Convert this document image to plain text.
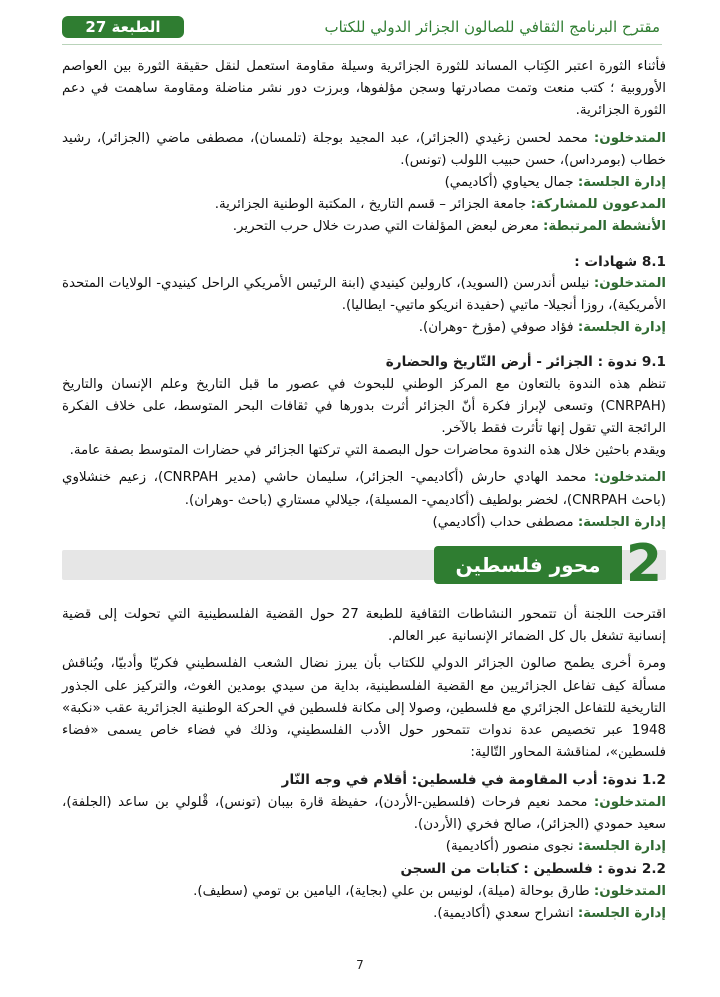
الطبعة 27	مقترح البرنامج الثقافي للصالون الجزائر الدولي للكتاب

فأثناء الثورة اعتبر الكِتاب المساند للثورة الجزائرية وسيلة مقاومة استعمل لنقل حقيقة الثورة بين العواصم الأوروبية ؛ كتب منعت وتمت مصادرتها وسجن مؤلفوها، وبرزت دور نشر مناضلة ومقاومة ساهمت في دعم الثورة الجزائرية.

المتدخلون: محمد لحسن زغيدي (الجزائر)، عبد المجيد بوجلة (تلمسان)، مصطفى ماضي (الجزائر)، رشيد خطاب (بومرداس)، حسن حبيب اللولب (تونس).

إدارة الجلسة: جمال يحياوي (أكاديمي)

المدعوون للمشاركة: جامعة الجزائر – قسم التاريخ ، المكتبة الوطنية الجزائرية.

الأنشطة المرتبطة: معرض لبعض المؤلفات التي صدرت خلال حرب التحرير.

8.1 شهادات :

المتدخلون: نيلس أندرسن (السويد)، كارولين كينيدي (ابنة الرئيس الأمريكي الراحل كينيدي- الولايات المتحدة الأمريكية)، روزا أنجيلا- ماتيي (حفيدة انريكو ماتيي- ايطاليا).

إدارة الجلسة: فؤاد صوفي (مؤرخ -وهران).

9.1 ندوة : الجزائر - أرض التّاريخ والحضارة

تنظم هذه الندوة بالتعاون مع المركز الوطني للبحوث في عصور ما قبل التاريخ وعلم الإنسان والتاريخ (CNRPAH) وتسعى لإبراز فكرة أنّ الجزائر أثرت بدورها في ثقافات البحر المتوسط، على خلاف الفكرة الرائجة التي تقول إنها تأثرت فقط بالآخر.

ويقدم باحثين خلال هذه الندوة محاضرات حول البصمة التي تركتها الجزائر في حضارات المتوسط بصفة عامة.

المتدخلون: محمد الهادي حارش (أكاديمي- الجزائر)، سليمان حاشي (مدير CNRPAH)، زعيم خنشلاوي (باحث CNRPAH)، لخضر بولطيف (أكاديمي- المسيلة)، جيلالي مستاري (باحث -وهران).

إدارة الجلسة: مصطفى حداب (أكاديمي)

محور فلسطين 2

اقترحت اللجنة أن تتمحور النشاطات الثقافية للطبعة 27 حول القضية الفلسطينية التي تحولت إلى قضية إنسانية تشغل بال كل الضمائر الإنسانية عبر العالم.

ومرة أخرى يطمح صالون الجزائر الدولي للكتاب بأن يبرز نضال الشعب الفلسطيني فكريّا وأدبيّا، ويُناقش مسألة كيف تفاعل الجزائريين مع القضية الفلسطينية، بداية من سيدي بومدين الغوث، والتركيز على الجذور التاريخية للتفاعل الجزائري مع فلسطين، وصولا إلى مكانة فلسطين في الحركة الوطنية الجزائرية عقب «نكبة» 1948 عبر تخصيص عدة ندوات تتمحور حول الأدب الفلسطيني، وذلك في فضاء خاص يسمى «فضاء فلسطين»، لمناقشة المحاور التّالية:

1.2 ندوة: أدب المقاومة في فلسطين: أقلام في وجه النّار

المتدخلون: محمد نعيم فرحات (فلسطين-الأردن)، حفيظة قارة بيبان (تونس)، قْلولي بن ساعد (الجلفة)، سعيد حمودي (الجزائر)، صالح فخري (الأردن).

إدارة الجلسة: نجوى منصور (أكاديمية)

2.2 ندوة : فلسطين : كتابات من السجن

المتدخلون: طارق بوحالة (ميلة)، لونيس بن علي (بجاية)، اليامين بن تومي (سطيف).

إدارة الجلسة: انشراح سعدي (أكاديمية).

7
